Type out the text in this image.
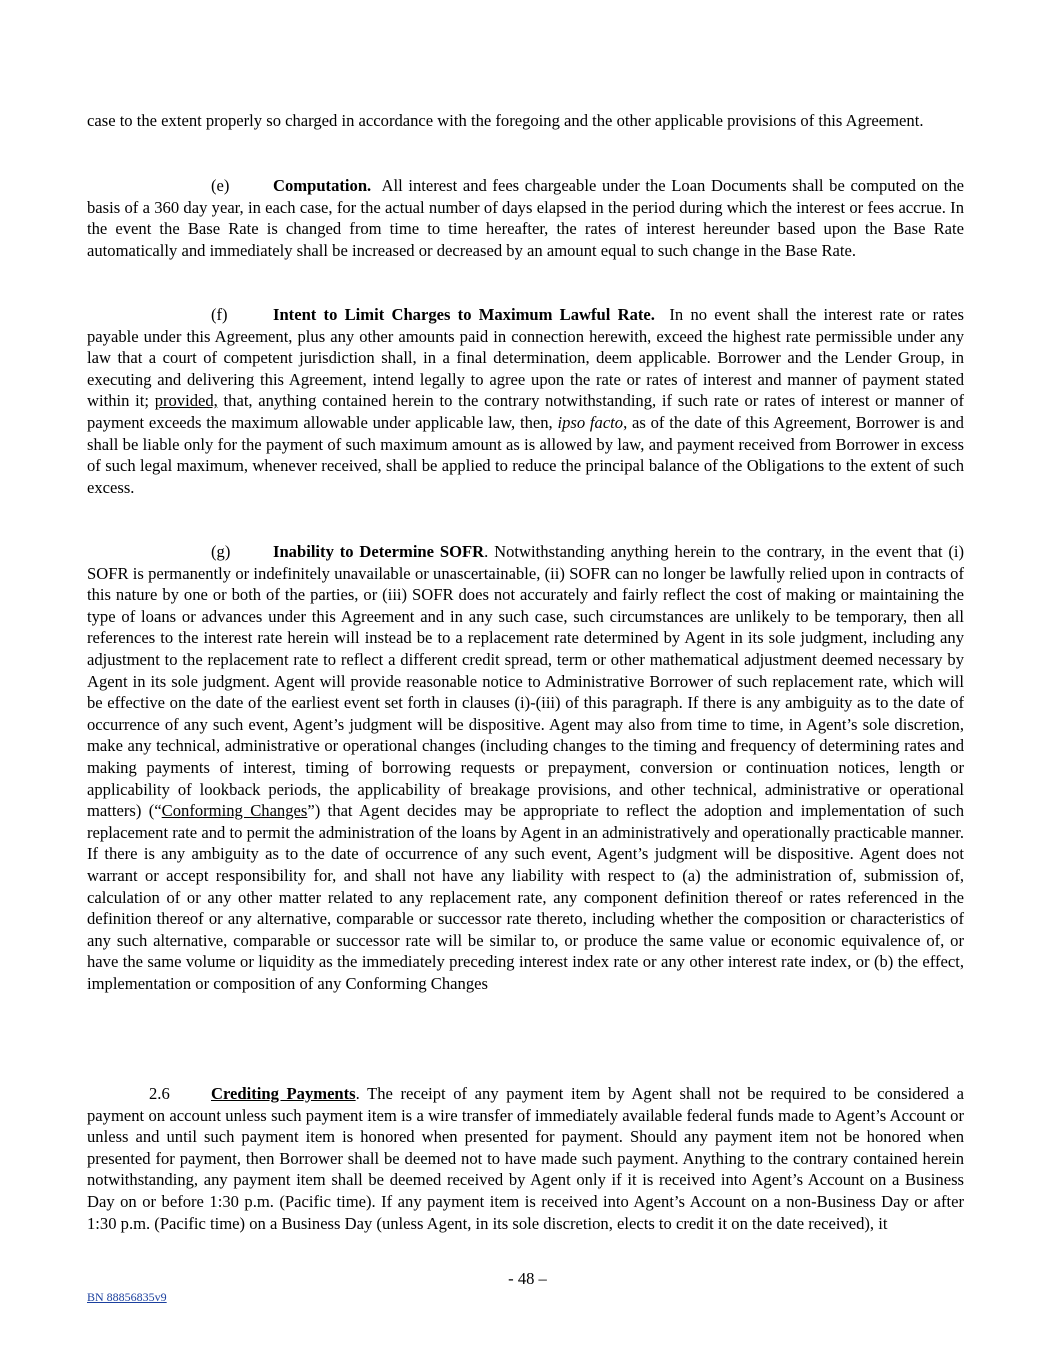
case to the extent properly so charged in accordance with the foregoing and the other applicable provisions of this Agreement.

(e)	Computation. All interest and fees chargeable under the Loan Documents shall be computed on the basis of a 360 day year, in each case, for the actual number of days elapsed in the period during which the interest or fees accrue. In the event the Base Rate is changed from time to time hereafter, the rates of interest hereunder based upon the Base Rate automatically and immediately shall be increased or decreased by an amount equal to such change in the Base Rate.

(f)	Intent to Limit Charges to Maximum Lawful Rate. In no event shall the interest rate or rates payable under this Agreement, plus any other amounts paid in connection herewith, exceed the highest rate permissible under any law that a court of competent jurisdiction shall, in a final determination, deem applicable. Borrower and the Lender Group, in executing and delivering this Agreement, intend legally to agree upon the rate or rates of interest and manner of payment stated within it; provided, that, anything contained herein to the contrary notwithstanding, if such rate or rates of interest or manner of payment exceeds the maximum allowable under applicable law, then, ipso facto, as of the date of this Agreement, Borrower is and shall be liable only for the payment of such maximum amount as is allowed by law, and payment received from Borrower in excess of such legal maximum, whenever received, shall be applied to reduce the principal balance of the Obligations to the extent of such excess.

(g)	Inability to Determine SOFR. Notwithstanding anything herein to the contrary, in the event that (i) SOFR is permanently or indefinitely unavailable or unascertainable, (ii) SOFR can no longer be lawfully relied upon in contracts of this nature by one or both of the parties, or (iii) SOFR does not accurately and fairly reflect the cost of making or maintaining the type of loans or advances under this Agreement and in any such case, such circumstances are unlikely to be temporary, then all references to the interest rate herein will instead be to a replacement rate determined by Agent in its sole judgment, including any adjustment to the replacement rate to reflect a different credit spread, term or other mathematical adjustment deemed necessary by Agent in its sole judgment. Agent will provide reasonable notice to Administrative Borrower of such replacement rate, which will be effective on the date of the earliest event set forth in clauses (i)-(iii) of this paragraph. If there is any ambiguity as to the date of occurrence of any such event, Agent’s judgment will be dispositive. Agent may also from time to time, in Agent’s sole discretion, make any technical, administrative or operational changes (including changes to the timing and frequency of determining rates and making payments of interest, timing of borrowing requests or prepayment, conversion or continuation notices, length or applicability of lookback periods, the applicability of breakage provisions, and other technical, administrative or operational matters) (“Conforming Changes”) that Agent decides may be appropriate to reflect the adoption and implementation of such replacement rate and to permit the administration of the loans by Agent in an administratively and operationally practicable manner. If there is any ambiguity as to the date of occurrence of any such event, Agent’s judgment will be dispositive. Agent does not warrant or accept responsibility for, and shall not have any liability with respect to (a) the administration of, submission of, calculation of or any other matter related to any replacement rate, any component definition thereof or rates referenced in the definition thereof or any alternative, comparable or successor rate thereto, including whether the composition or characteristics of any such alternative, comparable or successor rate will be similar to, or produce the same value or economic equivalence of, or have the same volume or liquidity as the immediately preceding interest index rate or any other interest rate index, or (b) the effect, implementation or composition of any Conforming Changes

2.6 Crediting Payments. The receipt of any payment item by Agent shall not be required to be considered a payment on account unless such payment item is a wire transfer of immediately available federal funds made to Agent’s Account or unless and until such payment item is honored when presented for payment. Should any payment item not be honored when presented for payment, then Borrower shall be deemed not to have made such payment. Anything to the contrary contained herein notwithstanding, any payment item shall be deemed received by Agent only if it is received into Agent’s Account on a Business Day on or before 1:30 p.m. (Pacific time). If any payment item is received into Agent’s Account on a non-Business Day or after 1:30 p.m. (Pacific time) on a Business Day (unless Agent, in its sole discretion, elects to credit it on the date received), it

- 48 –
BN 88856835v9
